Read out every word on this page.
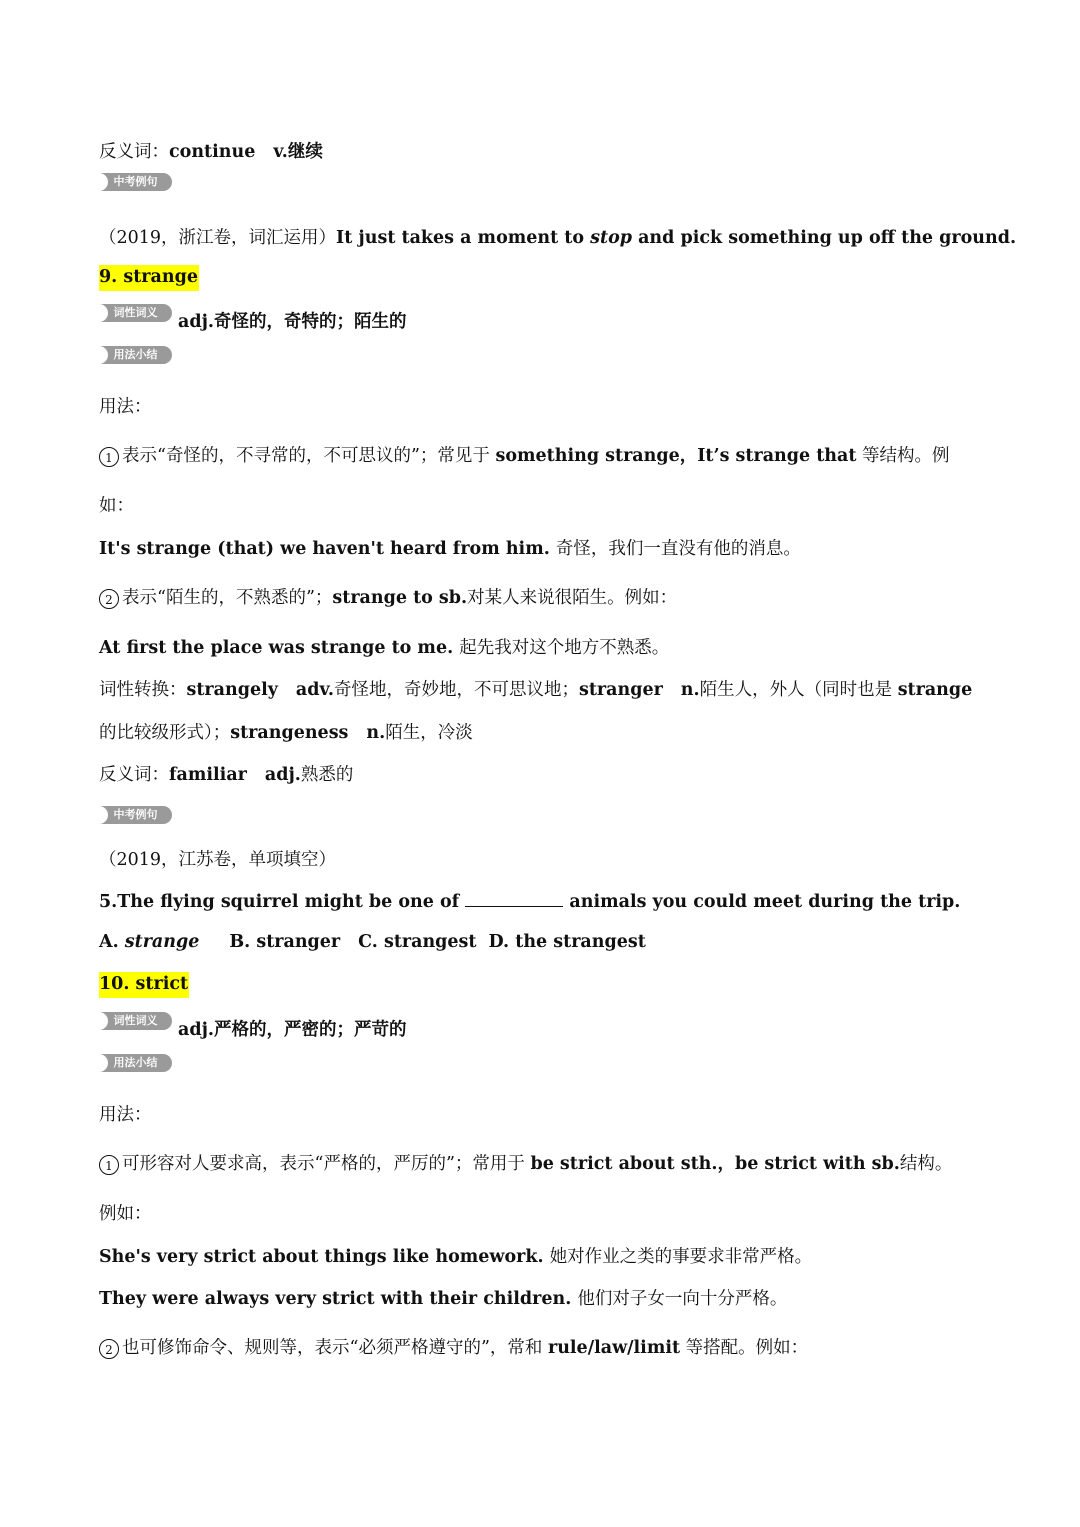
反义词：continue v.继续
中考例句
（2019，浙江卷，词汇运用）It just takes a moment to stop and pick something up off the ground.
9. strange
词性词义	adj.奇怪的，奇特的；陌生的
用法小结
用法：
1 表示“奇怪的，不寻常的，不可思议的”；常见于 something strange，It’s strange that 等结构。例
如：
It's strange (that) we haven't heard from him. 奇怪，我们一直没有他的消息。
2 表示“陌生的，不熟悉的”；strange to sb.对某人来说很陌生。例如：
At first the place was strange to me. 起先我对这个地方不熟悉。
词性转换：strangely adv.奇怪地，奇妙地，不可思议地；stranger n.陌生人，外人（同时也是 strange
的比较级形式）；strangeness n.陌生，冷淡
反义词：familiar adj.熟悉的
中考例句
（2019，江苏卷，单项填空）
5.The flying squirrel might be one of	animals you could meet during the trip.
A. strange B. stranger C. strangest D. the strangest
10. strict
词性词义	adj.严格的，严密的；严苛的
用法小结
用法：
1 可形容对人要求高，表示“严格的，严厉的”；常用于 be strict about sth.，be strict with sb.结构。
例如：
She's very strict about things like homework. 她对作业之类的事要求非常严格。
They were always very strict with their children. 他们对子女一向十分严格。
2 也可修饰命令、规则等，表示“必须严格遵守的”，常和 rule/law/limit 等搭配。例如：
